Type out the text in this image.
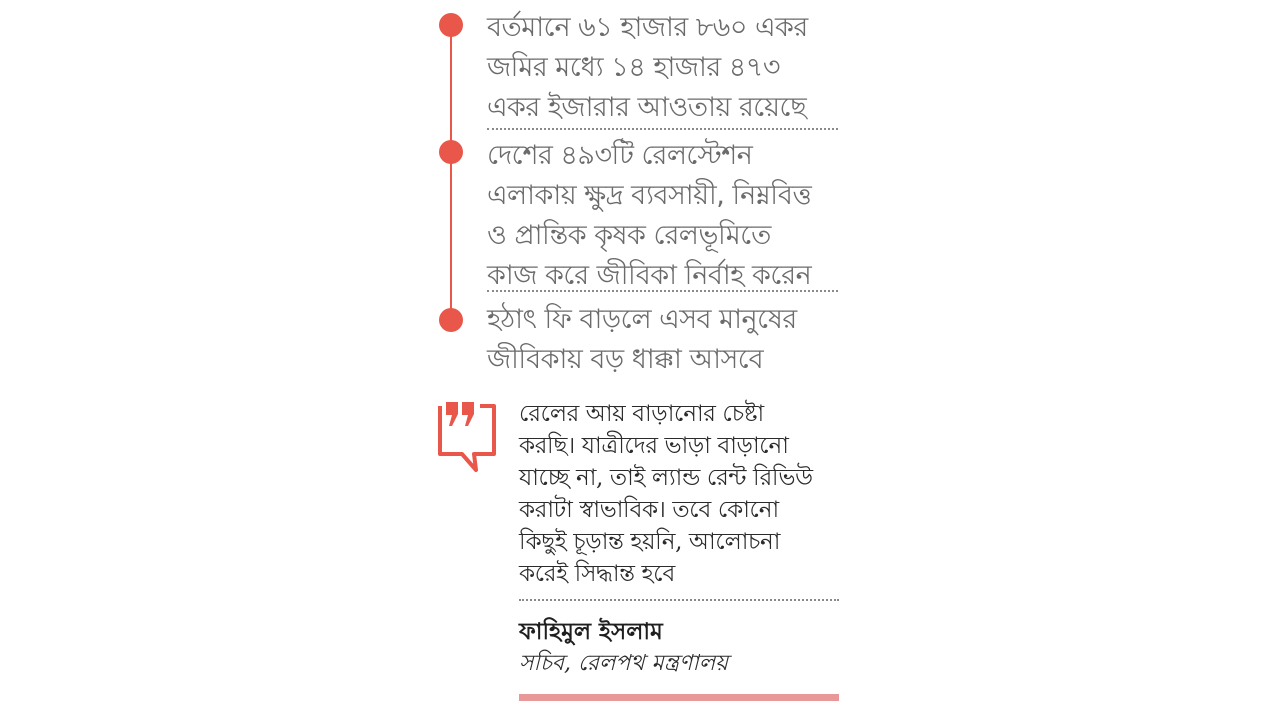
বর্তমানে ৬১ হাজার ৮৬০ একর
জমির মধ্যে ১৪ হাজার ৪৭৩
একর ইজারার আওতায় রয়েছে
দেশের ৪৯৩টি রেলস্টেশন
এলাকায় ক্ষুদ্র ব্যবসায়ী, নিম্নবিত্ত
ও প্রান্তিক কৃষক রেলভূমিতে
কাজ করে জীবিকা নির্বাহ করেন
হঠাৎ ফি বাড়লে এসব মানুষের
জীবিকায় বড় ধাক্কা আসবে
রেলের আয় বাড়ানোর চেষ্টা
করছি। যাত্রীদের ভাড়া বাড়ানো
যাচ্ছে না, তাই ল্যান্ড রেন্ট রিভিউ
করাটা স্বাভাবিক। তবে কোনো
কিছুই চূড়ান্ত হয়নি, আলোচনা
করেই সিদ্ধান্ত হবে
ফাহিমুল ইসলাম
সচিব, রেলপথ মন্ত্রণালয়
